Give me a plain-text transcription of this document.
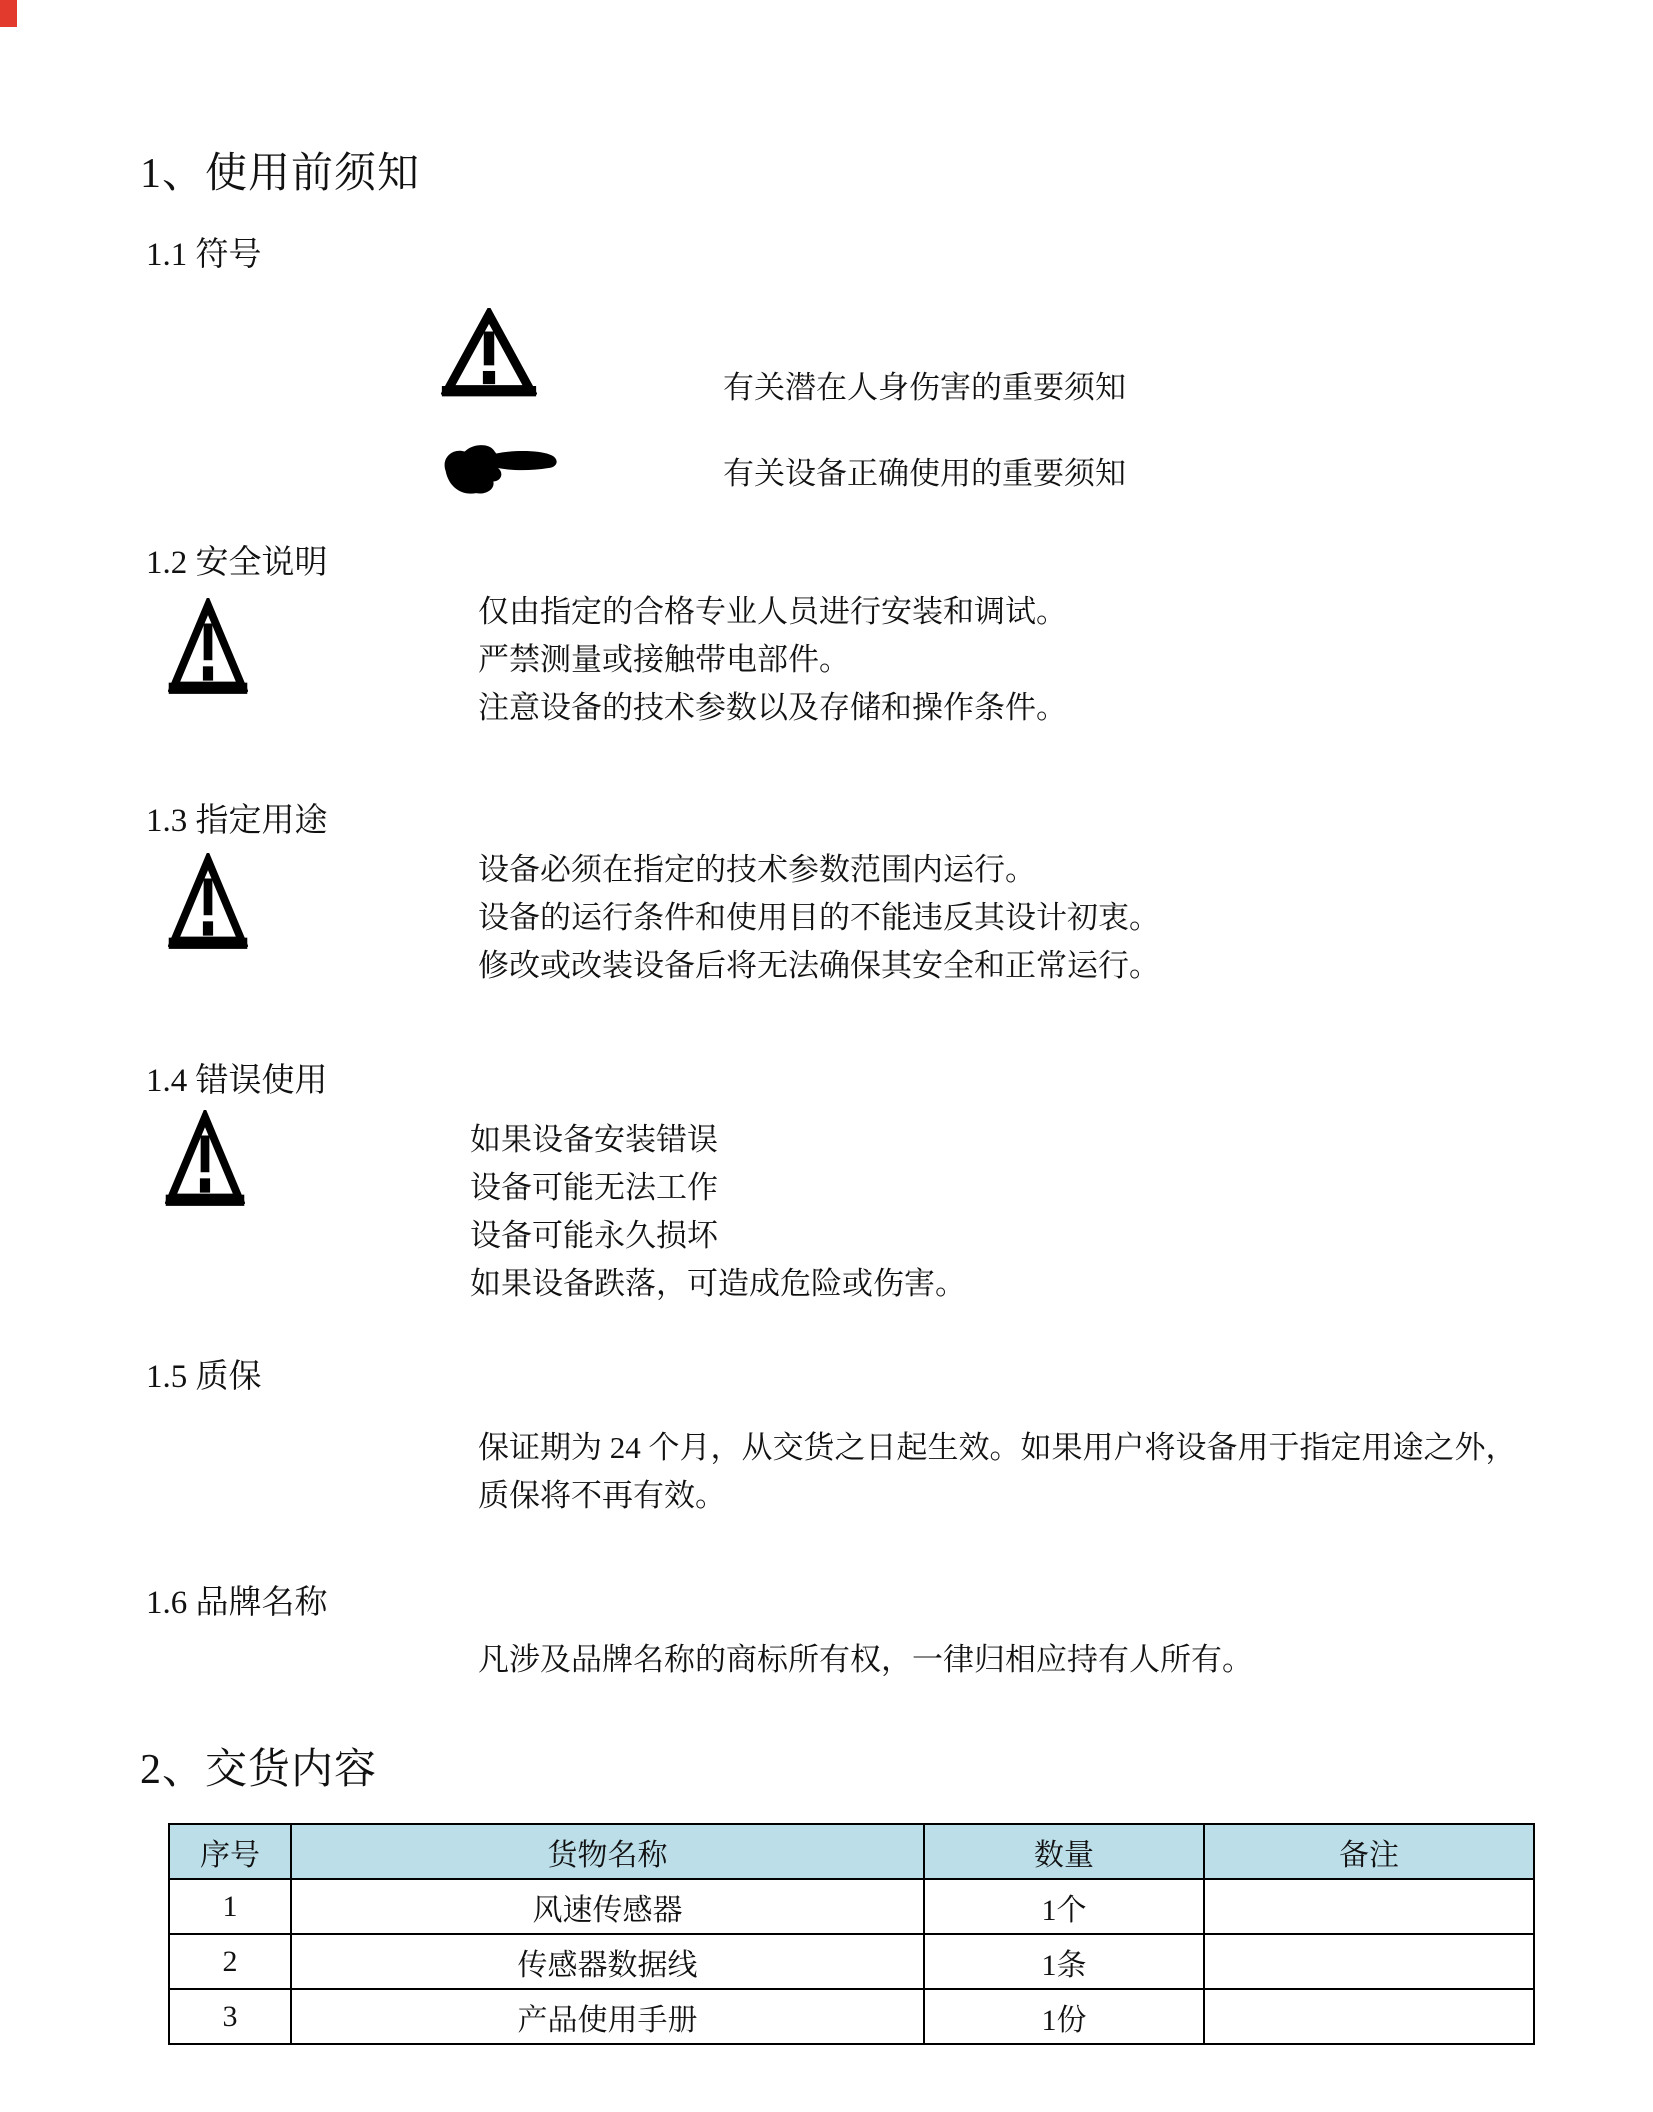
1、使用前须知
1.1 符号
有关潜在人身伤害的重要须知
有关设备正确使用的重要须知
1.2 安全说明
仅由指定的合格专业人员进行安装和调试。
严禁测量或接触带电部件。
注意设备的技术参数以及存储和操作条件。
1.3 指定用途
设备必须在指定的技术参数范围内运行。
设备的运行条件和使用目的不能违反其设计初衷。
修改或改装设备后将无法确保其安全和正常运行。
1.4 错误使用
如果设备安装错误
设备可能无法工作
设备可能永久损坏
如果设备跌落，可造成危险或伤害。
1.5 质保
保证期为 24 个月，从交货之日起生效。如果用户将设备用于指定用途之外，质保将不再有效。
1.6 品牌名称
凡涉及品牌名称的商标所有权，一律归相应持有人所有。
2、交货内容
序号	货物名称	数量	备注
1	风速传感器	1个	
2	传感器数据线	1条	
3	产品使用手册	1份	
